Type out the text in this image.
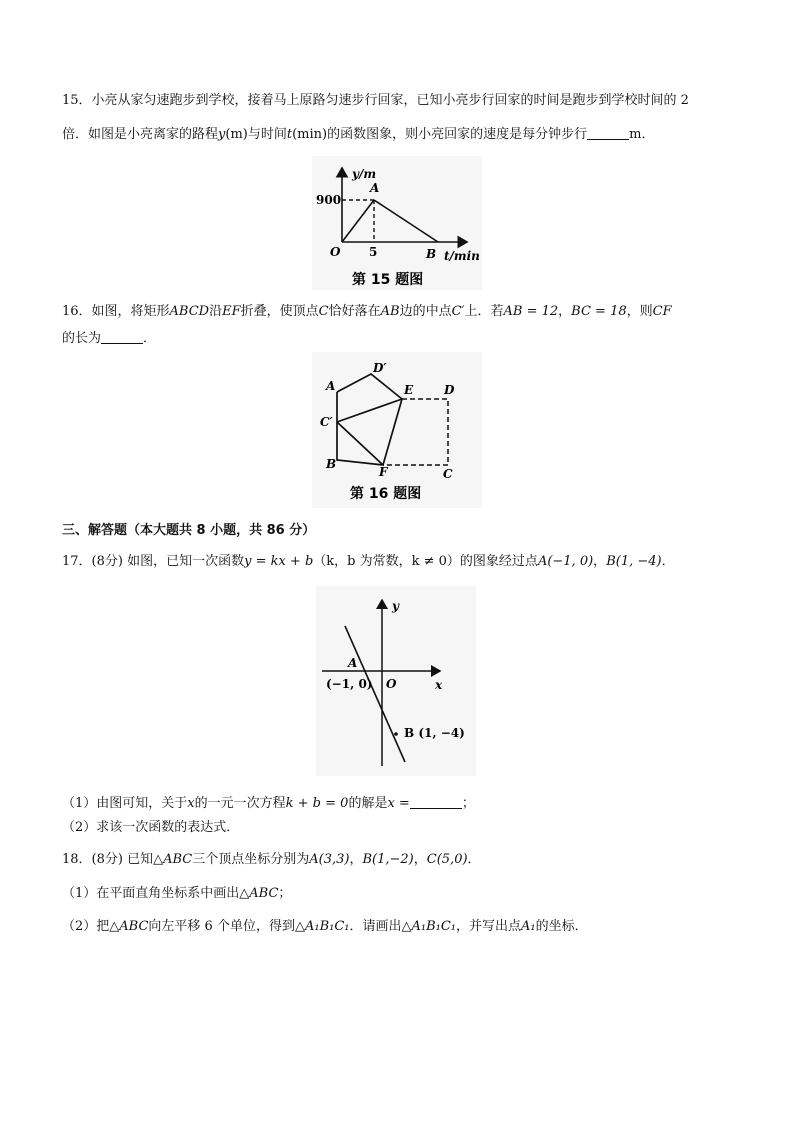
15．小亮从家匀速跑步到学校，接着马上原路匀速步行回家，已知小亮步行回家的时间是跑步到学校时间的 2
倍．如图是小亮离家的路程y(m)与时间t(min)的函数图象，则小亮回家的速度是每分钟步行	m．
y/m
A
900
O 5	B t/min
第 15 题图
16．如图，将矩形ABCD沿EF折叠，使顶点C恰好落在AB边的中点C′上．若AB = 12，BC = 18，则CF
的长为	．
A
D′
E	D
C′
B
F	C
第 16 题图
三、解答题（本大题共 8 小题，共 86 分）
17．(8分) 如图，已知一次函数y = kx + b（k，b 为常数，k ≠ 0）的图象经过点A(−1, 0)，B(1, −4)．
y
x
A
O
(−1, 0)
B (1, −4)
（1）由图可知，关于x的一元一次方程k + b = 0的解是x =	；
（2）求该一次函数的表达式．
18．(8分) 已知△ABC三个顶点坐标分别为A(3,3)，B(1,−2)，C(5,0)．
（1）在平面直角坐标系中画出△ABC；
（2）把△ABC向左平移 6 个单位，得到△A₁B₁C₁．请画出△A₁B₁C₁，并写出点A₁的坐标．
